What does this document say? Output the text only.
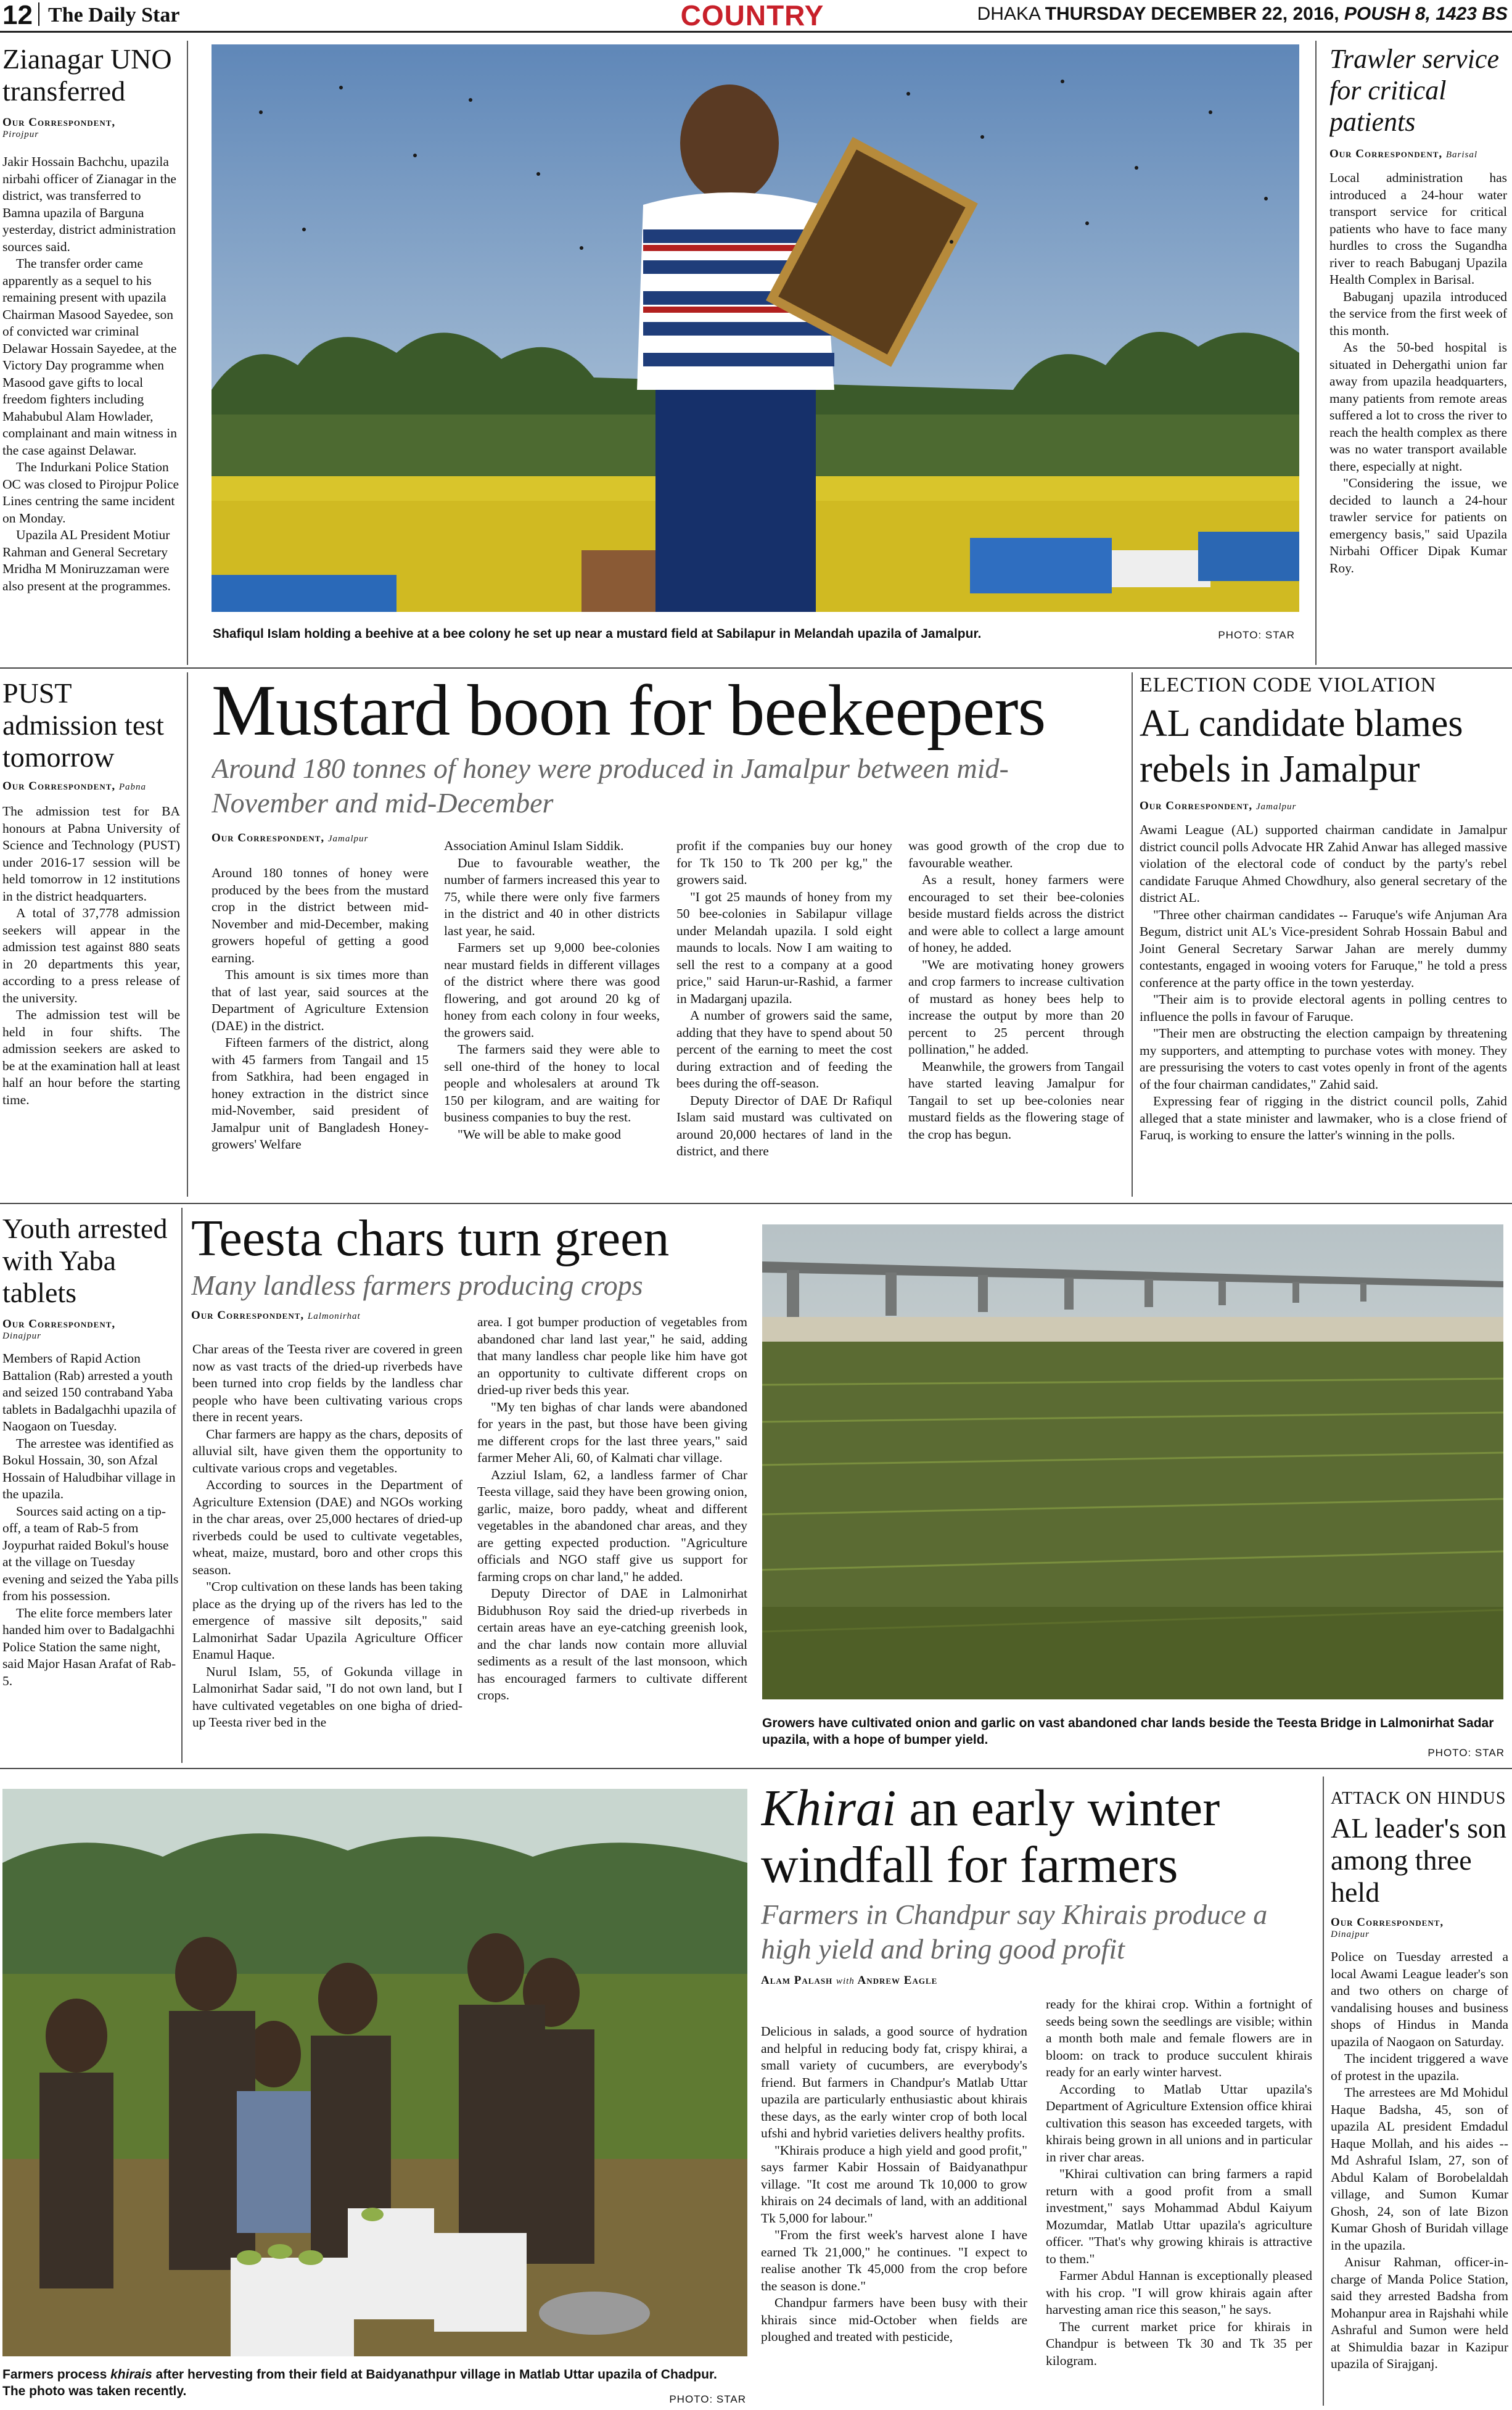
12 The Daily Star	COUNTRY	DHAKA THURSDAY DECEMBER 22, 2016, POUSH 8, 1423 BS
Zianagar UNO transferred
Our Correspondent,
Pirojpur

Jakir Hossain Bachchu, upazila nirbahi officer of Zianagar in the district, was transferred to Bamna upazila of Barguna yesterday, district administration sources said.

The transfer order came apparently as a sequel to his remaining present with upazila Chairman Masood Sayedee, son of convicted war criminal Delawar Hossain Sayedee, at the Victory Day programme when Masood gave gifts to local freedom fighters including Mahabubul Alam Howlader, complainant and main witness in the case against Delawar.

The Indurkani Police Station OC was closed to Pirojpur Police Lines centring the same incident on Monday.

Upazila AL President Motiur Rahman and General Secretary Mridha M Moniruzzaman were also present at the programmes.

Shafiqul Islam holding a beehive at a bee colony he set up near a mustard field at Sabilapur in Melandah upazila of Jamalpur.	PHOTO: STAR
Trawler service for critical patients
Our Correspondent, Barisal

Local administration has introduced a 24-hour water transport service for critical patients who have to face many hurdles to cross the Sugandha river to reach Babuganj Upazila Health Complex in Barisal.

Babuganj upazila introduced the service from the first week of this month.

As the 50-bed hospital is situated in Dehergathi union far away from upazila headquarters, many patients from remote areas suffered a lot to cross the river to reach the health complex as there was no water transport available there, especially at night.

"Considering the issue, we decided to launch a 24-hour trawler service for patients on emergency basis," said Upazila Nirbahi Officer Dipak Kumar Roy.

PUST admission test tomorrow
Our Correspondent, Pabna

The admission test for BA honours at Pabna University of Science and Technology (PUST) under 2016-17 session will be held tomorrow in 12 institutions in the district headquarters.

A total of 37,778 admission seekers will appear in the admission test against 880 seats in 20 departments this year, according to a press release of the university.

The admission test will be held in four shifts. The admission seekers are asked to be at the examination hall at least half an hour before the starting time.

Mustard boon for beekeepers
Around 180 tonnes of honey were produced in Jamalpur between mid-November and mid-December
Our Correspondent, Jamalpur

Around 180 tonnes of honey were produced by the bees from the mustard crop in the district between mid-November and mid-December, making growers hopeful of getting a good earning.

This amount is six times more than that of last year, said sources at the Department of Agriculture Extension (DAE) in the district.

Fifteen farmers of the district, along with 45 farmers from Tangail and 15 from Satkhira, had been engaged in honey extraction in the district since mid-November, said president of Jamalpur unit of Bangladesh Honey-growers' Welfare

Association Aminul Islam Siddik.

Due to favourable weather, the number of farmers increased this year to 75, while there were only five farmers in the district and 40 in other districts last year, he said.

Farmers set up 9,000 bee-colonies near mustard fields in different villages of the district where there was good flowering, and got around 20 kg of honey from each colony in four weeks, the growers said.

The farmers said they were able to sell one-third of the honey to local people and wholesalers at around Tk 150 per kilogram, and are waiting for business companies to buy the rest.

"We will be able to make good

profit if the companies buy our honey for Tk 150 to Tk 200 per kg," the growers said.

"I got 25 maunds of honey from my 50 bee-colonies in Sabilapur village under Melandah upazila. I sold eight maunds to locals. Now I am waiting to sell the rest to a company at a good price," said Harun-ur-Rashid, a farmer in Madarganj upazila.

A number of growers said the same, adding that they have to spend about 50 percent of the earning to meet the cost during extraction and of feeding the bees during the off-season.

Deputy Director of DAE Dr Rafiqul Islam said mustard was cultivated on around 20,000 hectares of land in the district, and there

was good growth of the crop due to favourable weather.

As a result, honey farmers were encouraged to set their bee-colonies beside mustard fields across the district and were able to collect a large amount of honey, he added.

"We are motivating honey growers and crop farmers to increase cultivation of mustard as honey bees help to increase the output by more than 20 percent to 25 percent through pollination," he added.

Meanwhile, the growers from Tangail have started leaving Jamalpur for Tangail to set up bee-colonies near mustard fields as the flowering stage of the crop has begun.

ELECTION CODE VIOLATION
AL candidate blames rebels in Jamalpur
Our Correspondent, Jamalpur

Awami League (AL) supported chairman candidate in Jamalpur district council polls Advocate HR Zahid Anwar has alleged massive violation of the electoral code of conduct by the party's rebel candidate Faruque Ahmed Chowdhury, also general secretary of the district AL.

"Three other chairman candidates -- Faruque's wife Anjuman Ara Begum, district unit AL's Vice-president Sohrab Hossain Babul and Joint General Secretary Sarwar Jahan are merely dummy contestants, engaged in wooing voters for Faruque," he told a press conference at the party office in the town yesterday.

"Their aim is to provide electoral agents in polling centres to influence the polls in favour of Faruque.

"Their men are obstructing the election campaign by threatening my supporters, and attempting to purchase votes with money. They are pressurising the voters to cast votes openly in front of the agents of the four chairman candidates," Zahid said.

Expressing fear of rigging in the district council polls, Zahid alleged that a state minister and lawmaker, who is a close friend of Faruq, is working to ensure the latter's winning in the polls.

Youth arrested with Yaba tablets
Our Correspondent,
Dinajpur

Members of Rapid Action Battalion (Rab) arrested a youth and seized 150 contraband Yaba tablets in Badalgachhi upazila of Naogaon on Tuesday.

The arrestee was identified as Bokul Hossain, 30, son Afzal Hossain of Haludbihar village in the upazila.

Sources said acting on a tip-off, a team of Rab-5 from Joypurhat raided Bokul's house at the village on Tuesday evening and seized the Yaba pills from his possession.

The elite force members later handed him over to Badalgachhi Police Station the same night, said Major Hasan Arafat of Rab-5.

Teesta chars turn green
Many landless farmers producing crops
Our Correspondent, Lalmonirhat

Char areas of the Teesta river are covered in green now as vast tracts of the dried-up riverbeds have been turned into crop fields by the landless char people who have been cultivating various crops there in recent years.

Char farmers are happy as the chars, deposits of alluvial silt, have given them the opportunity to cultivate various crops and vegetables.

According to sources in the Department of Agriculture Extension (DAE) and NGOs working in the char areas, over 25,000 hectares of dried-up riverbeds could be used to cultivate vegetables, wheat, maize, mustard, boro and other crops this season.

"Crop cultivation on these lands has been taking place as the drying up of the rivers has led to the emergence of massive silt deposits," said Lalmonirhat Sadar Upazila Agriculture Officer Enamul Haque.

Nurul Islam, 55, of Gokunda village in Lalmonirhat Sadar said, "I do not own land, but I have cultivated vegetables on one bigha of dried-up Teesta river bed in the

area. I got bumper production of vegetables from abandoned char land last year," he said, adding that many landless char people like him have got an opportunity to cultivate different crops on dried-up river beds this year.

"My ten bighas of char lands were abandoned for years in the past, but those have been giving me different crops for the last three years," said farmer Meher Ali, 60, of Kalmati char village.

Azziul Islam, 62, a landless farmer of Char Teesta village, said they have been growing onion, garlic, maize, boro paddy, wheat and different vegetables in the abandoned char areas, and they are getting expected production. "Agriculture officials and NGO staff give us support for farming crops on char land," he added.

Deputy Director of DAE in Lalmonirhat Bidubhuson Roy said the dried-up riverbeds in certain areas have an eye-catching greenish look, and the char lands now contain more alluvial sediments as a result of the last monsoon, which has encouraged farmers to cultivate different crops.

Growers have cultivated onion and garlic on vast abandoned char lands beside the Teesta Bridge in Lalmonirhat Sadar upazila, with a hope of bumper yield.
PHOTO: STAR
Farmers process khirais after hervesting from their field at Baidyanathpur village in Matlab Uttar upazila of Chadpur. The photo was taken recently.
PHOTO: STAR
Khirai an early winter windfall for farmers
Farmers in Chandpur say Khirais produce a high yield and bring good profit
Alam Palash with Andrew Eagle

Delicious in salads, a good source of hydration and helpful in reducing body fat, crispy khirai, a small variety of cucumbers, are everybody's friend. But farmers in Chandpur's Matlab Uttar upazila are particularly enthusiastic about khirais these days, as the early winter crop of both local ufshi and hybrid varieties delivers healthy profits.

"Khirais produce a high yield and good profit," says farmer Kabir Hossain of Baidyanathpur village. "It cost me around Tk 10,000 to grow khirais on 24 decimals of land, with an additional Tk 5,000 for labour."

"From the first week's harvest alone I have earned Tk 21,000," he continues. "I expect to realise another Tk 45,000 from the crop before the season is done."

Chandpur farmers have been busy with their khirais since mid-October when fields are ploughed and treated with pesticide,

ready for the khirai crop. Within a fortnight of seeds being sown the seedlings are visible; within a month both male and female flowers are in bloom: on track to produce succulent khirais ready for an early winter harvest.

According to Matlab Uttar upazila's Department of Agriculture Extension office khirai cultivation this season has exceeded targets, with khirais being grown in all unions and in particular in river char areas.

"Khirai cultivation can bring farmers a rapid return with a good profit from a small investment," says Mohammad Abdul Kaiyum Mozumdar, Matlab Uttar upazila's agriculture officer. "That's why growing khirais is attractive to them."

Farmer Abdul Hannan is exceptionally pleased with his crop. "I will grow khirais again after harvesting aman rice this season," he says.

The current market price for khirais in Chandpur is between Tk 30 and Tk 35 per kilogram.

ATTACK ON HINDUS
AL leader's son among three held
Our Correspondent,
Dinajpur

Police on Tuesday arrested a local Awami League leader's son and two others on charge of vandalising houses and business shops of Hindus in Manda upazila of Naogaon on Saturday.

The incident triggered a wave of protest in the upazila.

The arrestees are Md Mohidul Haque Badsha, 45, son of upazila AL president Emdadul Haque Mollah, and his aides -- Md Ashraful Islam, 27, son of Abdul Kalam of Borobelaldah village, and Sumon Kumar Ghosh, 24, son of late Bizon Kumar Ghosh of Buridah village in the upazila.

Anisur Rahman, officer-in-charge of Manda Police Station, said they arrested Badsha from Mohanpur area in Rajshahi while Ashraful and Sumon were held at Shimuldia bazar in Kazipur upazila of Sirajganj.
